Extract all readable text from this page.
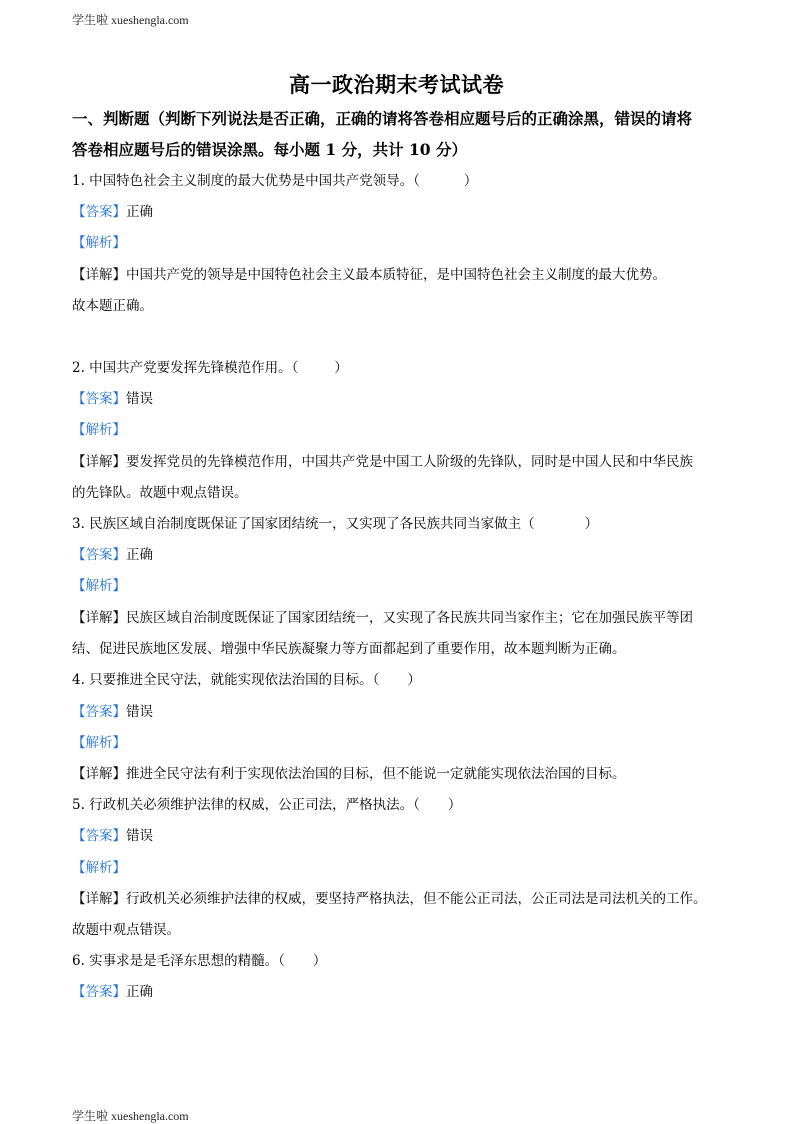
学生啦 xueshengla.com
高一政治期末考试试卷
一、判断题（判断下列说法是否正确，正确的请将答卷相应题号后的正确涂黑，错误的请将
答卷相应题号后的错误涂黑。每小题 1 分，共计 10 分）
1. 中国特色社会主义制度的最大优势是中国共产党领导。（	）
【答案】正确
【解析】
【详解】中国共产党的领导是中国特色社会主义最本质特征，是中国特色社会主义制度的最大优势。
故本题正确。
2. 中国共产党要发挥先锋模范作用。（	）
【答案】错误
【解析】
【详解】要发挥党员的先锋模范作用，中国共产党是中国工人阶级的先锋队，同时是中国人民和中华民族
的先锋队。故题中观点错误。
3. 民族区域自治制度既保证了国家团结统一，又实现了各民族共同当家做主（	）
【答案】正确
【解析】
【详解】民族区域自治制度既保证了国家团结统一，又实现了各民族共同当家作主；它在加强民族平等团
结、促进民族地区发展、增强中华民族凝聚力等方面都起到了重要作用，故本题判断为正确。
4. 只要推进全民守法，就能实现依法治国的目标。（ ）
【答案】错误
【解析】
【详解】推进全民守法有利于实现依法治国的目标，但不能说一定就能实现依法治国的目标。
5. 行政机关必须维护法律的权威，公正司法，严格执法。（ ）
【答案】错误
【解析】
【详解】行政机关必须维护法律的权威，要坚持严格执法，但不能公正司法，公正司法是司法机关的工作。
故题中观点错误。
6. 实事求是是毛泽东思想的精髓。（ ）
【答案】正确
学生啦 xueshengla.com
